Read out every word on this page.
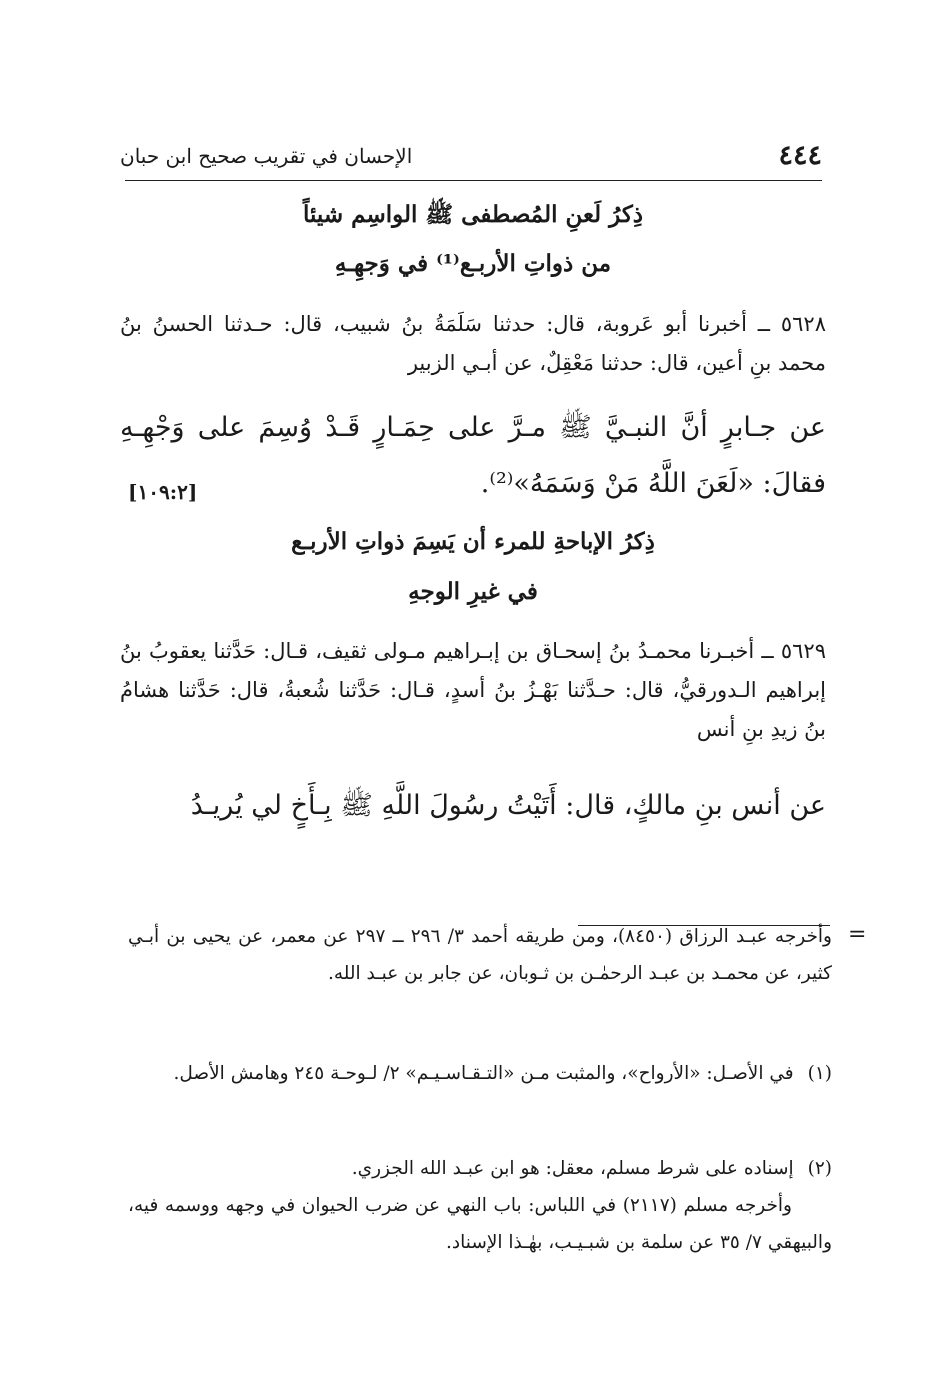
٤٤٤
الإحسان في تقريب صحيح ابن حبان
ذِكرُ لَعنِ المُصطفى ﷺ الواسِم شيئاً
من ذواتِ الأربـع⁽¹⁾ في وَجهِـهِ
٥٦٢٨ ــ أخبرنا أبو عَروبة، قال: حدثنا سَلَمَةُ بنُ شبيب، قال: حـدثنا الحسنُ بنُ محمد بنِ أعين، قال: حدثنا مَعْقِلٌ، عن أبـي الزبير
عن جـابرٍ أنَّ النبـيَّ ﷺ مـرَّ على حِمَـارٍ قَـدْ وُسِمَ على وَجْهِـهِ فقالَ: «لَعَنَ اللَّهُ مَنْ وَسَمَهُ»⁽²⁾.
[١٠٩:٢]
ذِكرُ الإباحةِ للمرء أن يَسِمَ ذواتِ الأربـع
في غيرِ الوجهِ
٥٦٢٩ ــ أخبـرنا محمـدُ بنُ إسحـاق بن إبـراهيم مـولى ثقيف، قـال: حَدَّثنا يعقوبُ بنُ إبراهيم الـدورقيُّ، قال: حـدَّثنا بَهْـزُ بنُ أسدٍ، قـال: حَدَّثنا شُعبةُ، قال: حَدَّثنا هشامُ بنُ زيدِ بنِ أنس
عن أنس بنِ مالكٍ، قال: أَتَيْتُ رسُولَ اللَّهِ ﷺ بِـأَخٍ لي يُريـدُ
=
وأخرجه عبـد الرزاق (٨٤٥٠)، ومن طريقه أحمد ٣/ ٢٩٦ ــ ٢٩٧ عن معمر، عن يحيى بن أبـي كثير، عن محمـد بن عبـد الرحمٰـن بن ثـوبان، عن جابر بن عبـد الله.
(١)
في الأصـل: «الأرواح»، والمثبت مـن «التـقـاسـيـم» ٢/ لـوحـة ٢٤٥ وهامش الأصل.
(٢)
إسناده على شرط مسلم، معقل: هو ابن عبـد الله الجزري.
وأخرجه مسلم (٢١١٧) في اللباس: باب النهي عن ضرب الحيوان في وجهه ووسمه فيه، والبيهقي ٧/ ٣٥ عن سلمة بن شبـيـب، بهٰـذا الإسناد.
